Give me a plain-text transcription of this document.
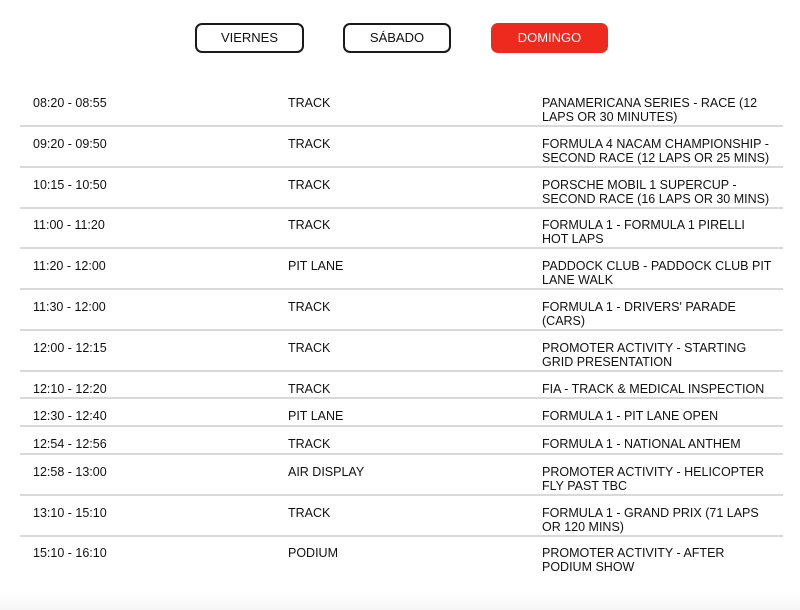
VIERNES	SÁBADO	DOMINGO
08:20 - 08:55	TRACK	PANAMERICANA SERIES - RACE (12 LAPS OR 30 MINUTES)
09:20 - 09:50	TRACK	FORMULA 4 NACAM CHAMPIONSHIP - SECOND RACE (12 LAPS OR 25 MINS)
10:15 - 10:50	TRACK	PORSCHE MOBIL 1 SUPERCUP - SECOND RACE (16 LAPS OR 30 MINS)
11:00 - 11:20	TRACK	FORMULA 1 - FORMULA 1 PIRELLI HOT LAPS
11:20 - 12:00	PIT LANE	PADDOCK CLUB - PADDOCK CLUB PIT LANE WALK
11:30 - 12:00	TRACK	FORMULA 1 - DRIVERS' PARADE (CARS)
12:00 - 12:15	TRACK	PROMOTER ACTIVITY - STARTING GRID PRESENTATION
12:10 - 12:20	TRACK	FIA - TRACK & MEDICAL INSPECTION
12:30 - 12:40	PIT LANE	FORMULA 1 - PIT LANE OPEN
12:54 - 12:56	TRACK	FORMULA 1 - NATIONAL ANTHEM
12:58 - 13:00	AIR DISPLAY	PROMOTER ACTIVITY - HELICOPTER FLY PAST TBC
13:10 - 15:10	TRACK	FORMULA 1 - GRAND PRIX (71 LAPS OR 120 MINS)
15:10 - 16:10	PODIUM	PROMOTER ACTIVITY - AFTER PODIUM SHOW
